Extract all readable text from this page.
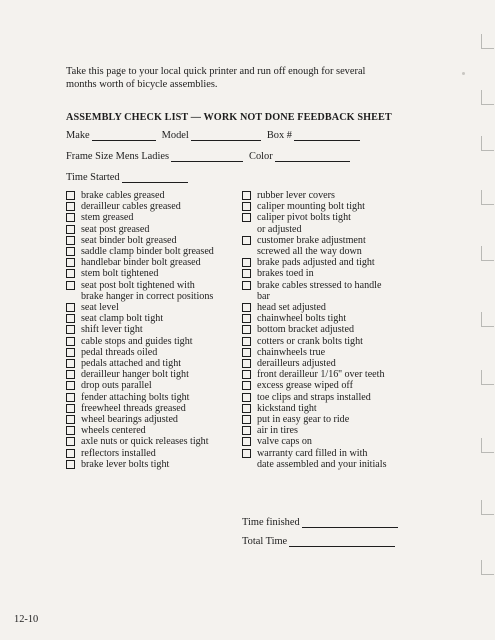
Take this page to your local quick printer and run off enough for several months worth of bicycle assemblies.
ASSEMBLY CHECK LIST — WORK NOT DONE FEEDBACK SHEET
Make	Model	Box #
Frame Size Mens Ladies	Color
Time Started
brake cables greased
derailleur cables greased
stem greased
seat post greased
seat binder bolt greased
saddle clamp binder bolt greased
handlebar binder bolt greased
stem bolt tightened
seat post bolt tightened with
brake hanger in correct positions
seat level
seat clamp bolt tight
shift lever tight
cable stops and guides tight
pedal threads oiled
pedals attached and tight
derailleur hanger bolt tight
drop outs parallel
fender attaching bolts tight
freewheel threads greased
wheel bearings adjusted
wheels centered
axle nuts or quick releases tight
reflectors installed
brake lever bolts tight
rubber lever covers
caliper mounting bolt tight
caliper pivot bolts tight
or adjusted
customer brake adjustment
screwed all the way down
brake pads adjusted and tight
brakes toed in
brake cables stressed to handle
bar
head set adjusted
chainwheel bolts tight
bottom bracket adjusted
cotters or crank bolts tight
chainwheels true
derailleurs adjusted
front derailleur 1/16'' over teeth
excess grease wiped off
toe clips and straps installed
kickstand tight
put in easy gear to ride
air in tires
valve caps on
warranty card filled in with
date assembled and your initials
Time finished
Total Time
12-10
